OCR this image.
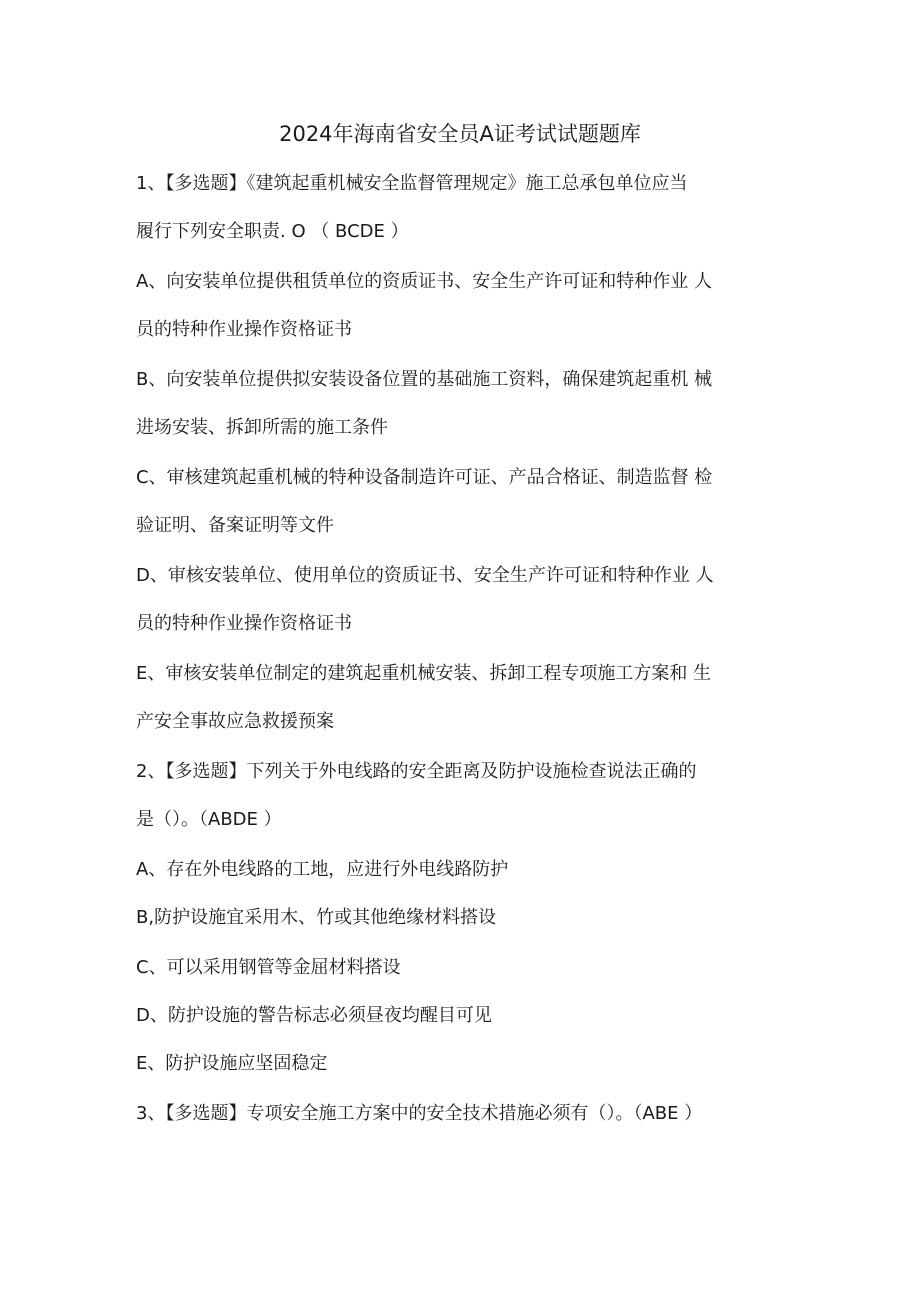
2024年海南省安全员A证考试试题题库
1、【多选题】《建筑起重机械安全监督管理规定》施工总承包单位应当
履行下列安全职责. O （ BCDE ）
A、向安装单位提供租赁单位的资质证书、安全生产许可证和特种作业 人
员的特种作业操作资格证书
B、向安装单位提供拟安装设备位置的基础施工资料，确保建筑起重机 械
进场安装、拆卸所需的施工条件
C、审核建筑起重机械的特种设备制造许可证、产品合格证、制造监督 检
验证明、备案证明等文件
D、审核安装单位、使用单位的资质证书、安全生产许可证和特种作业 人
员的特种作业操作资格证书
E、审核安装单位制定的建筑起重机械安装、拆卸工程专项施工方案和 生
产安全事故应急救援预案
2、【多选题】下列关于外电线路的安全距离及防护设施检查说法正确的
是（）。（ABDE ）
A、存在外电线路的工地，应进行外电线路防护
B,防护设施宜采用木、竹或其他绝缘材料搭设
C、可以采用钢管等金屈材料搭设
D、防护设施的警告标志必须昼夜均醒目可见
E、防护设施应坚固稳定
3、【多选题】专项安全施工方案中的安全技术措施必须有（）。（ABE ）
